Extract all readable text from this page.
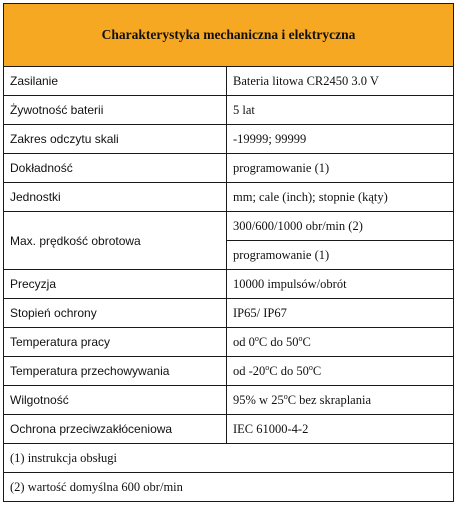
Charakterystyka mechaniczna i elektryczna	
Zasilanie	Bateria litowa CR2450 3.0 V
Żywotność baterii	5 lat
Zakres odczytu skali	-19999; 99999
Dokładność	programowanie (1)
Jednostki	mm; cale (inch); stopnie (kąty)
Max. prędkość obrotowa	300/600/1000 obr/min (2)
	programowanie (1)
Precyzja	10000 impulsów/obrót
Stopień ochrony	IP65/ IP67
Temperatura pracy	od 0$^o$C do 50$^o$C
Temperatura przechowywania	od -20$^o$C do 50$^o$C
Wilgotność	95% w 25$^o$C bez skraplania
Ochrona przeciwzakłóceniowa	IEC 61000-4-2
(1) instrukcja obsługi	
(2) wartość domyślna 600 obr/min	
